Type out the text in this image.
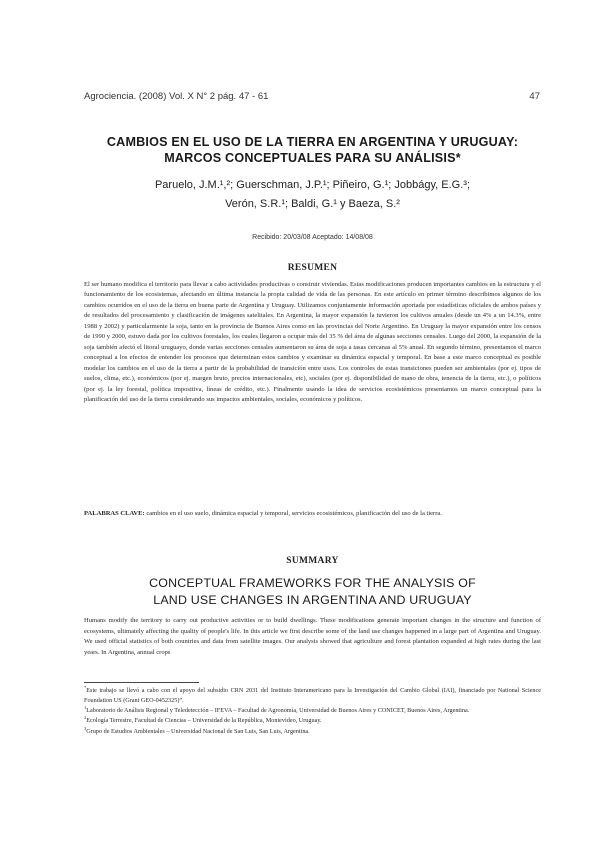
Agrociencia. (2008) Vol. X N° 2 pág. 47 - 61	47
CAMBIOS EN EL USO DE LA TIERRA EN ARGENTINA Y URUGUAY:
MARCOS CONCEPTUALES PARA SU ANÁLISIS*
Paruelo, J.M.¹,²; Guerschman, J.P.¹; Piñeiro, G.¹; Jobbágy, E.G.³;
Verón, S.R.¹; Baldi, G.¹ y Baeza, S.²
Recibido: 20/03/08 Aceptado: 14/08/08
RESUMEN

El ser humano modifica el territorio para llevar a cabo actividades productivas o construir viviendas. Estas modificaciones producen importantes cambios en la estructura y el funcionamiento de los ecosistemas, afectando en última instancia la propia calidad de vida de las personas. En este artículo en primer término describimos algunos de los cambios ocurridos en el uso de la tierra en buena parte de Argentina y Uruguay. Utilizamos conjuntamente información aportada por estadísticas oficiales de ambos países y de resultados del procesamiento y clasificación de imágenes satelitales. En Argentina, la mayor expansión la tuvieron los cultivos anuales (desde un 4% a un 14.3%, entre 1988 y 2002) y particularmente la soja, tanto en la provincia de Buenos Aires como en las provincias del Norte Argentino. En Uruguay la mayor expansión entre los censos de 1990 y 2000, estuvo dada por los cultivos forestales, los cuales llegaron a ocupar más del 35 % del área de algunas secciones censales. Luego del 2000, la expansión de la soja también afectó el litoral uruguayo, donde varias secciones censales aumentaron su área de soja a tasas cercanas al 5% anual. En segundo término, presentamos el marco conceptual a los efectos de entender los procesos que determinan estos cambios y examinar su dinámica espacial y temporal. En base a este marco conceptual es posible modelar los cambios en el uso de la tierra a partir de la probabilidad de transición entre usos. Los controles de estas transiciones pueden ser ambientales (por ej. tipos de suelos, clima, etc.), económicos (por ej. margen bruto, precios internacionales, etc), sociales (por ej. disponibilidad de mano de obra, tenencia de la tierra, etc.), o políticos (por ej. la ley forestal, política impositiva, líneas de crédito, etc.). Finalmente usando la idea de servicios ecosistémicos presentamos un marco conceptual para la planificación del uso de la tierra considerando sus impactos ambientales, sociales, económicos y políticos.

PALABRAS CLAVE: cambios en el uso suelo, dinámica espacial y temporal, servicios ecosistémicos, planificación del uso de la tierra.
SUMMARY
CONCEPTUAL FRAMEWORKS FOR THE ANALYSIS OF
LAND USE CHANGES IN ARGENTINA AND URUGUAY

Humans modify the territory to carry out productive activities or to build dwellings. These modifications generate important changes in the structure and function of ecosystems, ultimately affecting the quality of people's life. In this article we first describe some of the land use changes happened in a large part of Argentina and Uruguay. We used official statistics of both countries and data from satellite images. Our analysis showed that agriculture and forest plantation expanded at high rates during the last years. In Argentina, annual crops

*Este trabajo se llevó a cabo con el apoyo del subsidio CRN 2031 del Instituto Interamericano para la Investigación del Cambio Global (IAI), financiado por National Science Foundation US (Grant GEO-0452325)”.

$^1$Laboratorio de Análisis Regional y Teledetección – IFEVA – Facultad de Agronomía, Universidad de Buenos Aires y CONICET, Buenos Aires, Argentina.

$^2$Ecología Terrestre, Facultad de Ciencias – Universidad de la República, Montevideo, Uruguay.

$^3$Grupo de Estudios Ambientales – Universidad Nacional de San Luis, San Luis, Argentina.
